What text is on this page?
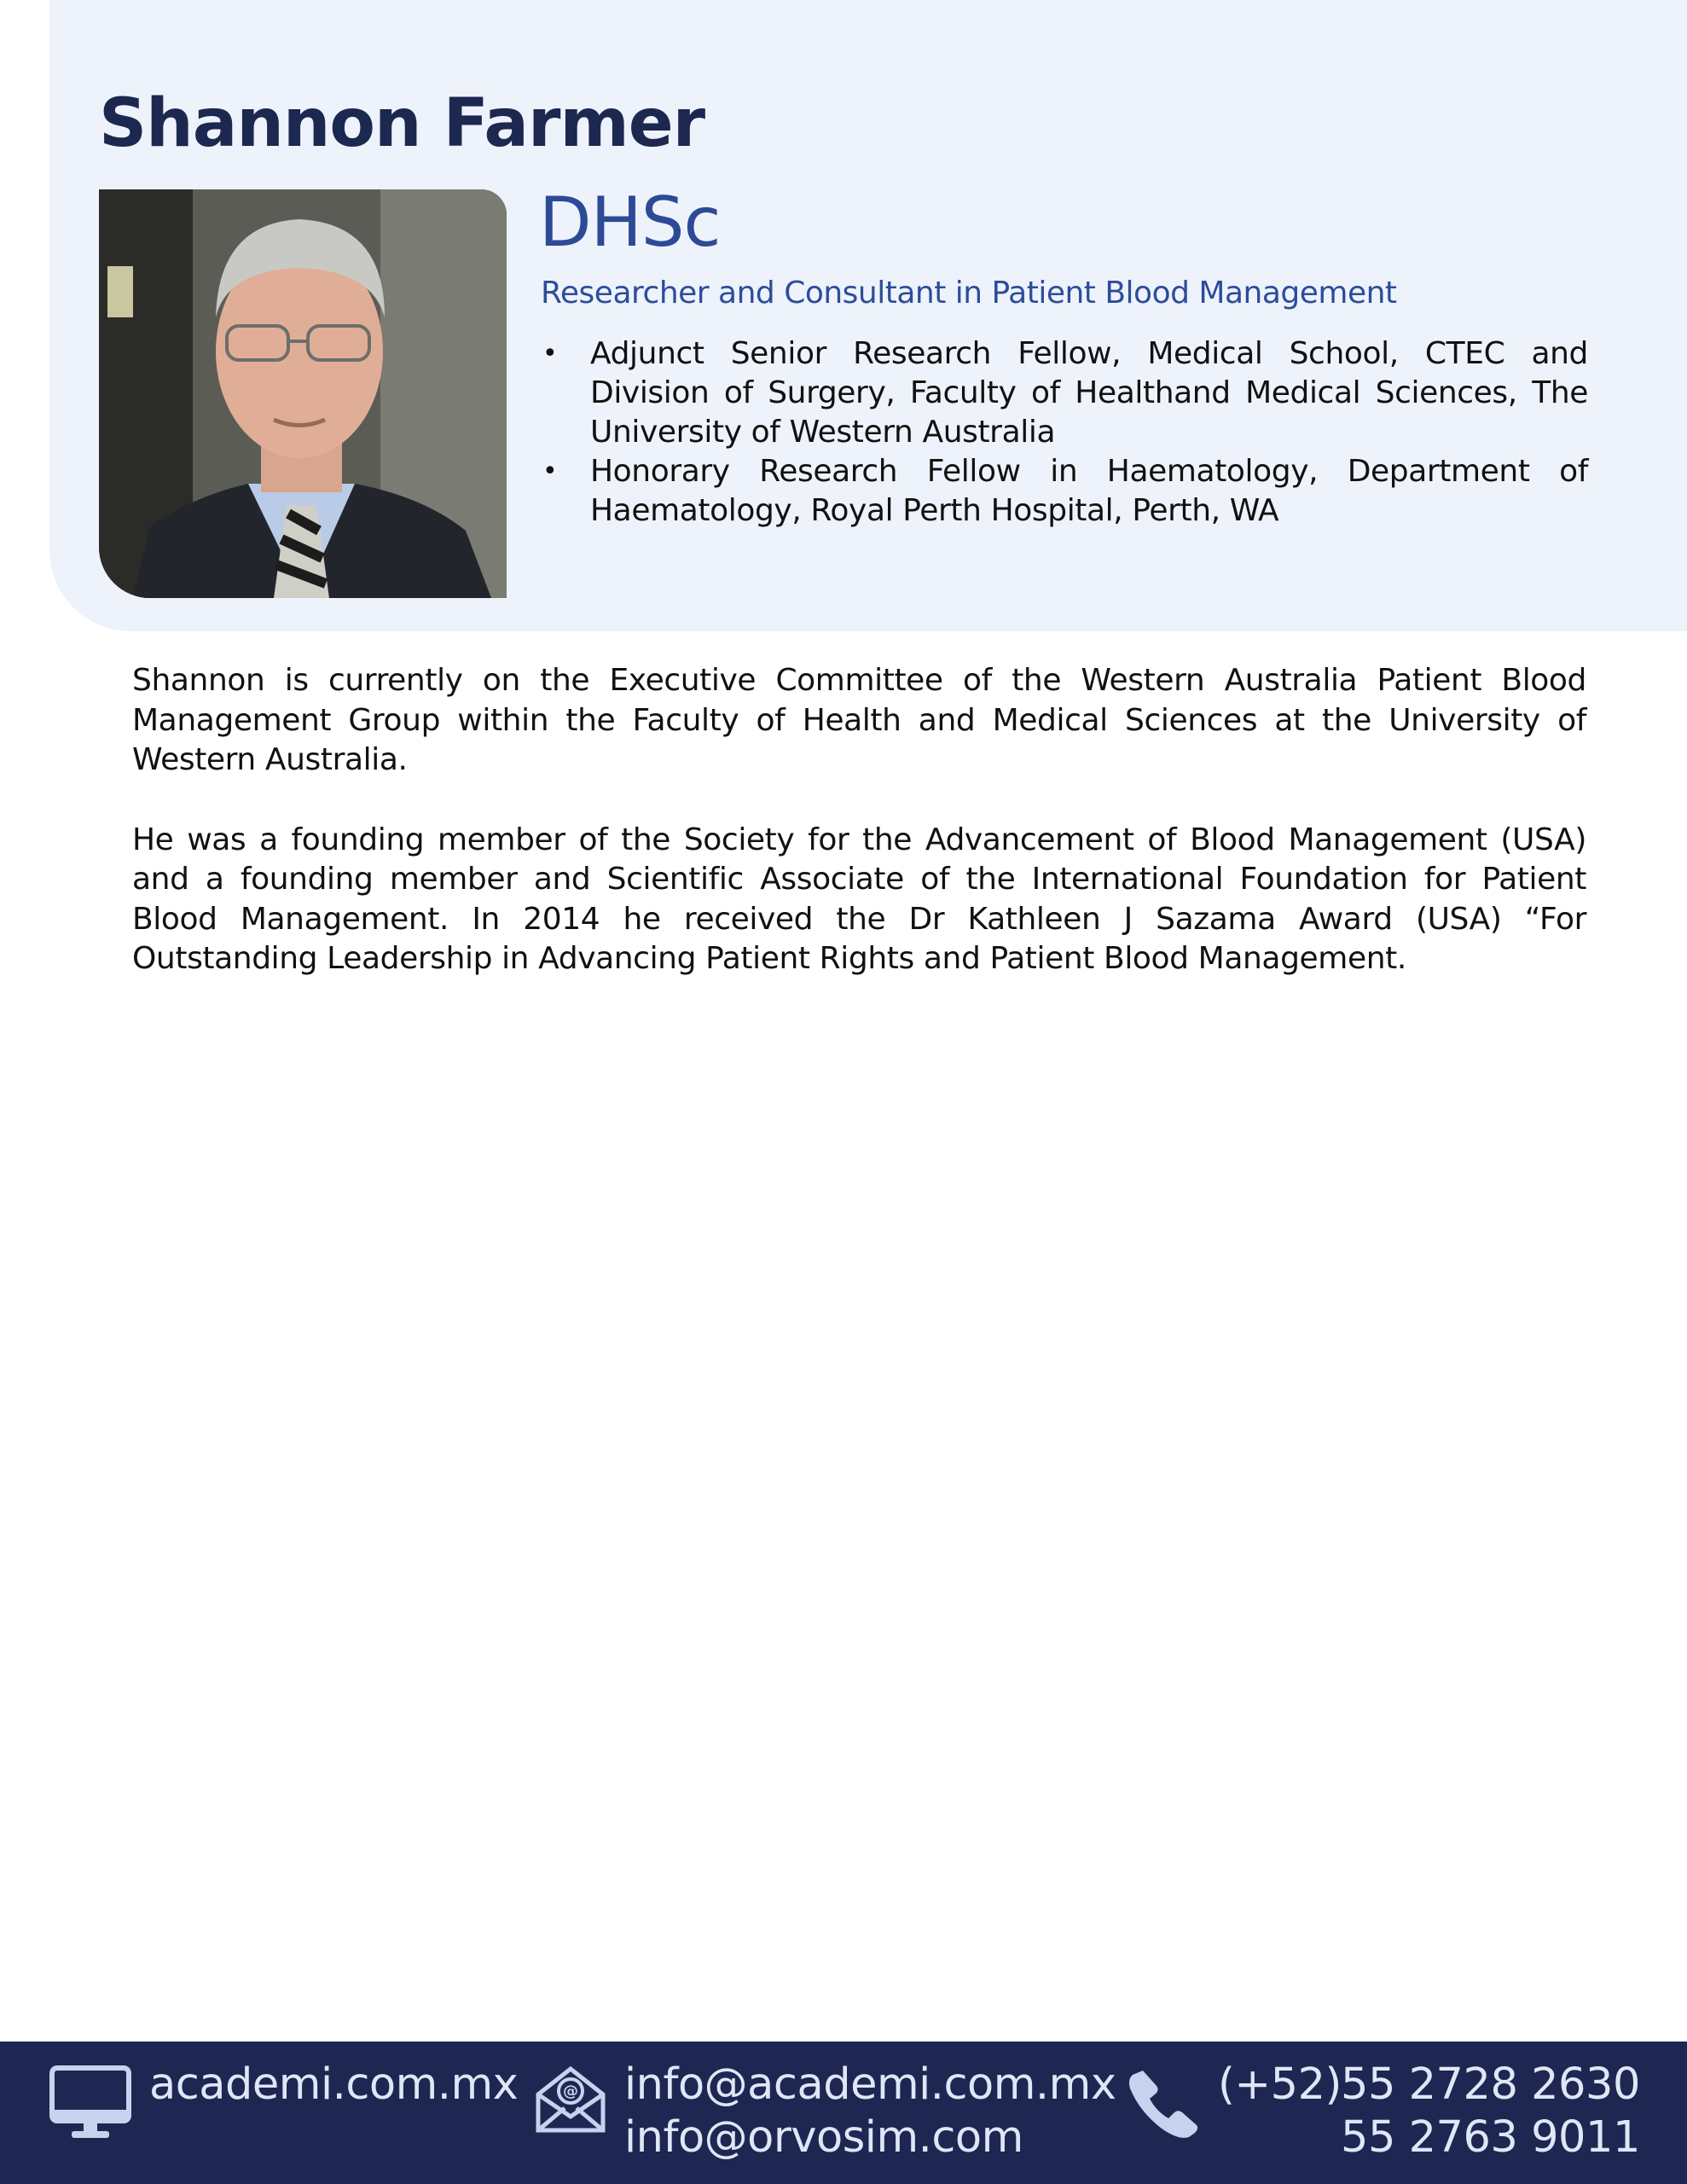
Shannon Farmer
DHSc
Researcher and Consultant in Patient Blood Management
• Adjunct Senior Research Fellow, Medical School, CTEC and Division of Surgery, Faculty of Healthand Medical Sciences, The University of Western Australia
• Honorary Research Fellow in Haematology, Department of Haematology, Royal Perth Hospital, Perth, WA

Shannon is currently on the Executive Committee of the Western Australia Patient Blood Management Group within the Faculty of Health and Medical Sciences at the University of Western Australia.

He was a founding member of the Society for the Advancement of Blood Management (USA) and a founding member and Scientific Associate of the International Foundation for Patient Blood Management. In 2014 he received the Dr Kathleen J Sazama Award (USA) “For Outstanding Leadership in Advancing Patient Rights and Patient Blood Management.

academi.com.mx	@ info@academi.com.mx
info@orvosim.com
(+52) 55 2728 2630
55 2763 9011
